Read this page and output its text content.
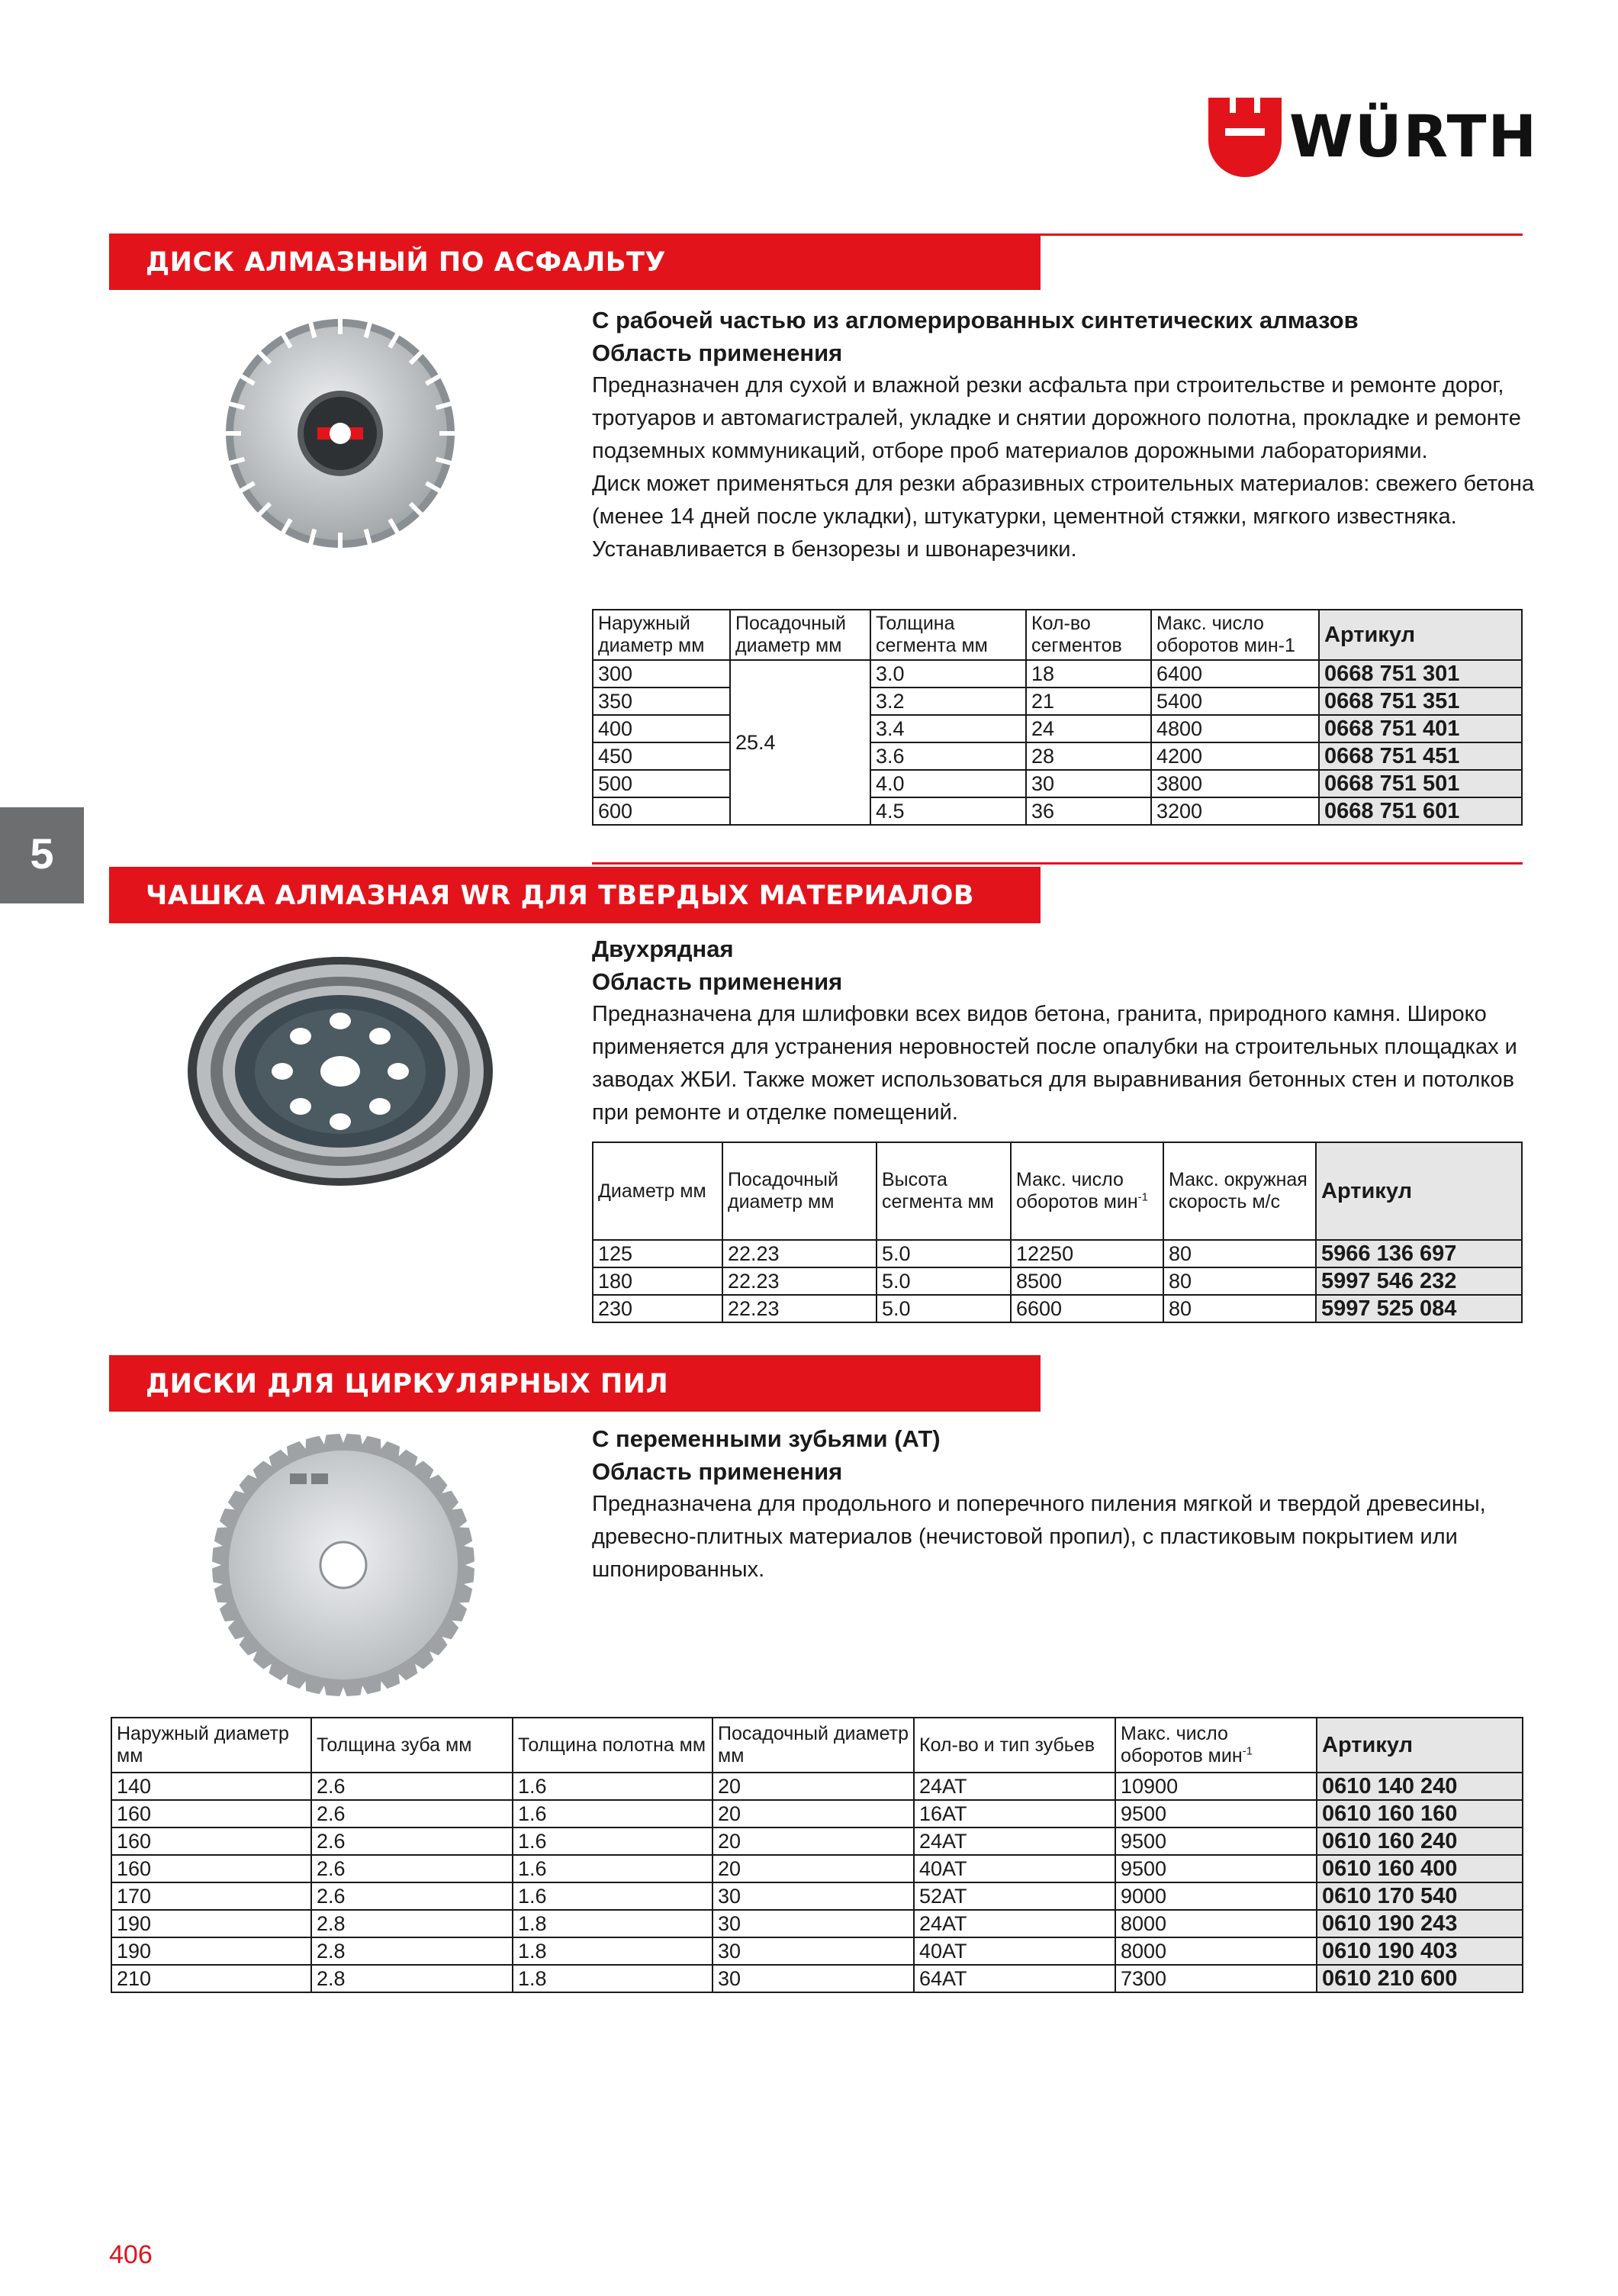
WÜRTH
5
ДИСК АЛМАЗНЫЙ ПО АСФАЛЬТУ

С рабочей частью из агломерированных синтетических алмазов

Область применения

Предназначен для сухой и влажной резки асфальта при строительстве и ремонте дорог, тротуаров и автомагистралей, укладке и снятии дорожного полотна, прокладке и ремонте подземных коммуникаций, отборе проб материалов дорожными лабораториями.

Диск может применяться для резки абразивных строительных материалов: свежего бетона (менее 14 дней после укладки), штукатурки, цементной стяжки, мягкого известняка. Устанавливается в бензорезы и швонарезчики.

Наружный диаметр мм	Посадочный диаметр мм	Толщина сегмента мм	Кол-во сегментов	Макс. число оборотов мин-1	Артикул
300	25.4	3.0	18	6400	0668 751 301
350		3.2	21	5400	0668 751 351
400		3.4	24	4800	0668 751 401
450		3.6	28	4200	0668 751 451
500		4.0	30	3800	0668 751 501
600		4.5	36	3200	0668 751 601
ЧАШКА АЛМАЗНАЯ WR ДЛЯ ТВЕРДЫХ МАТЕРИАЛОВ

Двухрядная

Область применения

Предназначена для шлифовки всех видов бетона, гранита, природного камня. Широко применяется для устранения неровностей после опалубки на строительных площадках и заводах ЖБИ. Также может использоваться для выравнивания бетонных стен и потолков при ремонте и отделке помещений.

Диаметр мм	Посадочный диаметр мм	Высота сегмента мм	Макс. число оборотов мин$^{-1}$	Макс. окружная скорость м/с	Артикул
125	22.23	5.0	12250	80	5966 136 697
180	22.23	5.0	8500	80	5997 546 232
230	22.23	5.0	6600	80	5997 525 084
ДИСКИ ДЛЯ ЦИРКУЛЯРНЫХ ПИЛ

С переменными зубьями (АТ)

Область применения

Предназначена для продольного и поперечного пиления мягкой и твердой древесины, древесно-плитных материалов (нечистовой пропил), с пластиковым покрытием или шпонированных.

Наружный диаметр мм	Толщина зуба мм	Толщина полотна мм	Посадочный диаметр мм	Кол-во и тип зубьев	Макс. число оборотов мин$^{-1}$	Артикул
140	2.6	1.6	20	24AT	10900	0610 140 240
160	2.6	1.6	20	16AT	9500	0610 160 160
160	2.6	1.6	20	24AT	9500	0610 160 240
160	2.6	1.6	20	40AT	9500	0610 160 400
170	2.6	1.6	30	52AT	9000	0610 170 540
190	2.8	1.8	30	24AT	8000	0610 190 243
190	2.8	1.8	30	40AT	8000	0610 190 403
210	2.8	1.8	30	64AT	7300	0610 210 600
406
